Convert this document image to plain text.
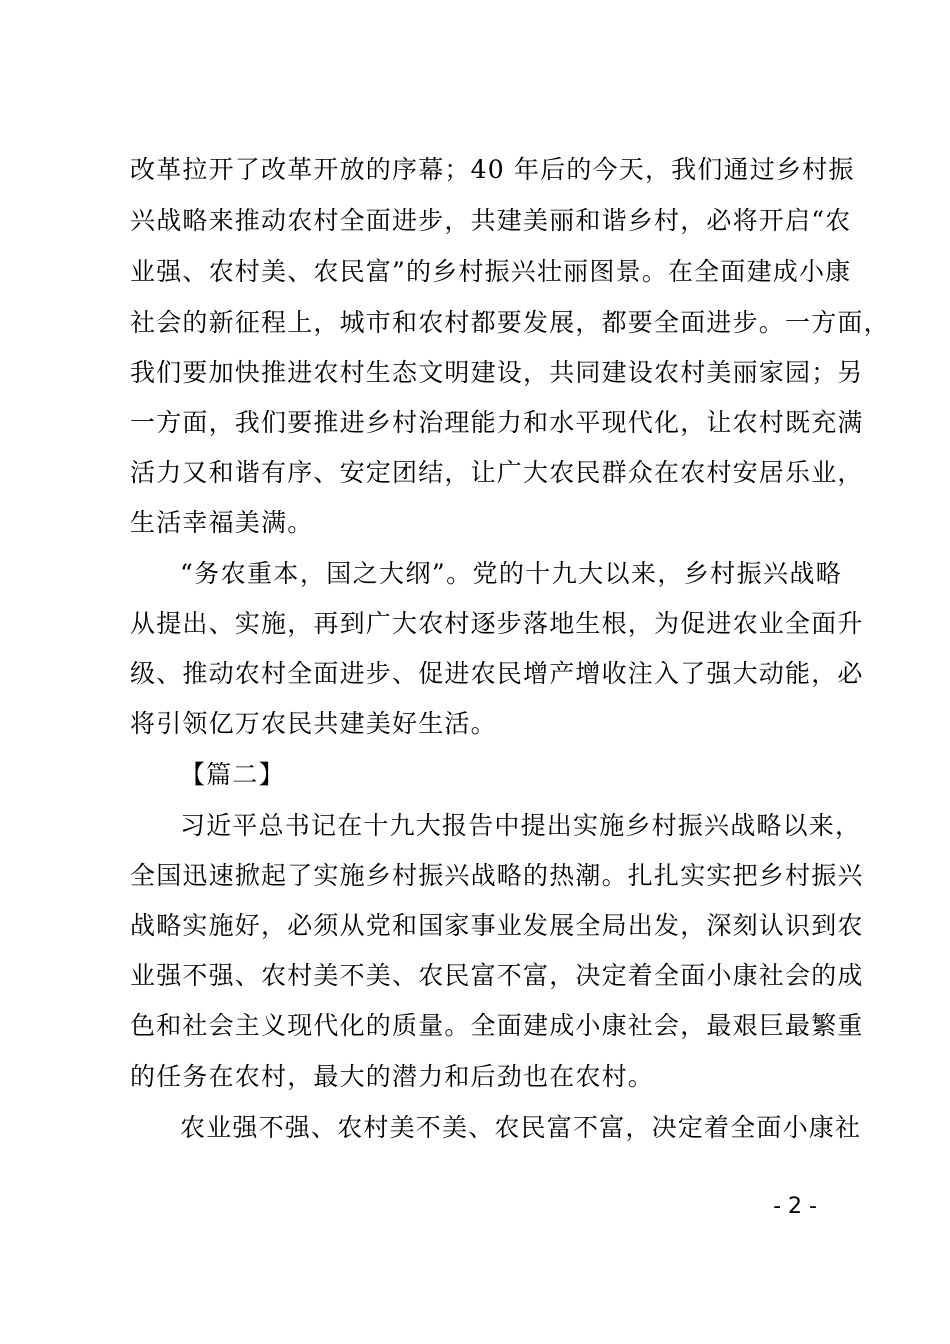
改革拉开了改革开放的序幕；40 年后的今天，我们通过乡村振
兴战略来推动农村全面进步，共建美丽和谐乡村，必将开启“农
业强、农村美、农民富”的乡村振兴壮丽图景。在全面建成小康
社会的新征程上，城市和农村都要发展，都要全面进步。一方面，
我们要加快推进农村生态文明建设，共同建设农村美丽家园；另
一方面，我们要推进乡村治理能力和水平现代化，让农村既充满
活力又和谐有序、安定团结，让广大农民群众在农村安居乐业，
生活幸福美满。
“务农重本，国之大纲”。党的十九大以来，乡村振兴战略
从提出、实施，再到广大农村逐步落地生根，为促进农业全面升
级、推动农村全面进步、促进农民增产增收注入了强大动能，必
将引领亿万农民共建美好生活。
【篇二】
习近平总书记在十九大报告中提出实施乡村振兴战略以来，
全国迅速掀起了实施乡村振兴战略的热潮。扎扎实实把乡村振兴
战略实施好，必须从党和国家事业发展全局出发，深刻认识到农
业强不强、农村美不美、农民富不富，决定着全面小康社会的成
色和社会主义现代化的质量。全面建成小康社会，最艰巨最繁重
的任务在农村，最大的潜力和后劲也在农村。
农业强不强、农村美不美、农民富不富，决定着全面小康社
- 2 -
